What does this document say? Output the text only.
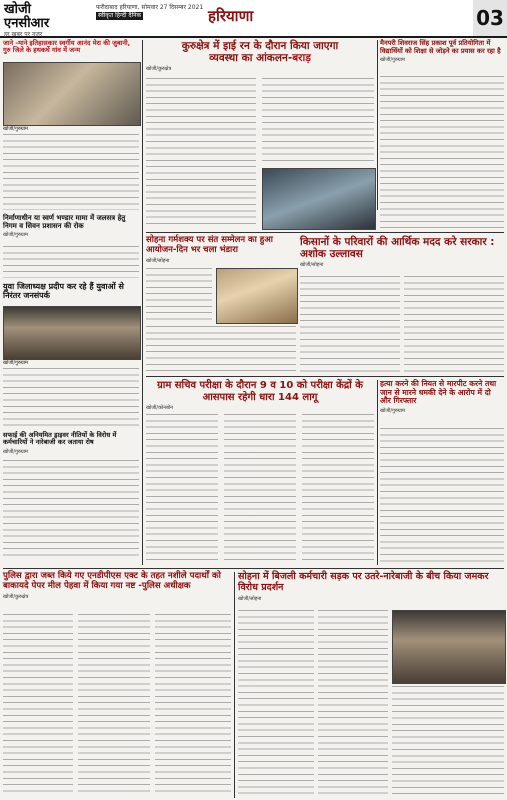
खोजी एनसीआर
हर खबर पर नज़र
फरीदाबाद हरियाणा, सोमवार 27 दिसम्बर 2021
स्वीकृत हिन्दी दैनिक	हरियाणा	03
जाने -माने इतिहासकार स्वर्गीय आनंद मेरा की जुबानी, गुरु जिले के हथकर्घे गांव में जन्म
खोजी/गुरुग्राम
निर्माणाधीन या स्वर्ण भण्डार मामा में जलसत्र हेतु निगम व सिवन प्रशासन की रोक
खोजी/गुरुग्राम
युवा जिलाध्यक्ष प्रदीप कर रहे हैं युवाओं से निरंतर जनसंपर्क
खोजी/गुरुग्राम
सफाई की अनियमित ड्राइवर नीतियों के विरोध में कर्मचारियों ने नारेबाजी कर जताया रोष
खोजी/गुरुग्राम
कुरुक्षेत्र में इाई रन के दौरान किया जाएगा
व्यवस्था का आंकलन-बराड़
खोजी/कुरुक्षेत्र
मैनपरी शिवराज सिंह प्रकाश पूर्व प्रतियोगिता में विद्यार्थियों को शिक्षा से जोड़ने का प्रयास कर रहा है
खोजी/गुरुग्राम
सोहना गर्मशक्य पर संत सम्मेलन का हुआ आयोजन-दिन भर चला भंडारा
खोजी/सोहना
किसानों के परिवारों की आर्थिक मदद करे सरकार : अशोक उल्लावस
खोजी/सोहना
ग्राम सचिव परीक्षा के दौरान 9 व 10 को परीक्षा केंद्रों के आसपास रहेगी धारा 144 लागू
खोजी/कोनबोन
हत्या करने की नियत से मारपीट करने तथा जान से मारने धमकी देने के आरोप में दो और गिरफ्तार
खोजी/गुरुग्राम
पुलिस द्वारा जब्त किये गए एनडीपीएस एक्ट के तहत नशीले पदार्थों को बाकायदे पेपर मील पेहवा में किया गया नष्ट -पुलिस अधीक्षक
खोजी/कुरुक्षेत्र
सोहना में बिजली कर्मचारी सड़क पर उतरे-नारेबाजी के बीच किया जमकर विरोध प्रदर्शन
खोजी/सोहना
